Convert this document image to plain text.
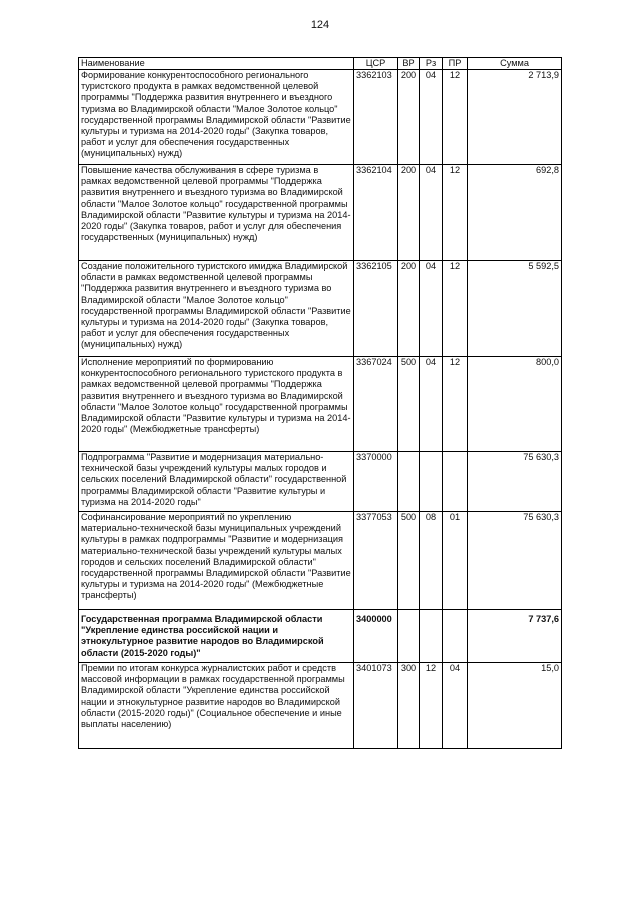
124
Наименование	ЦСР	ВР	Рз	ПР	Сумма
Формирование конкурентоспособного регионального туристского продукта в рамках ведомственной целевой программы "Поддержка развития внутреннего и въездного туризма во Владимирской области "Малое Золотое кольцо" государственной программы Владимирской области "Развитие культуры и туризма на 2014-2020 годы" (Закупка товаров, работ и услуг для обеспечения государственных (муниципальных) нужд)	3362103	200	04	12	2 713,9
Повышение качества обслуживания в сфере туризма в рамках ведомственной целевой программы "Поддержка развития внутреннего и въездного туризма во Владимирской области "Малое Золотое кольцо" государственной программы Владимирской области "Развитие культуры и туризма на 2014-2020 годы" (Закупка товаров, работ и услуг для обеспечения государственных (муниципальных) нужд)	3362104	200	04	12	692,8
Создание положительного туристского имиджа Владимирской области в рамках ведомственной целевой программы "Поддержка развития внутреннего и въездного туризма во Владимирской области "Малое Золотое кольцо" государственной программы Владимирской области "Развитие культуры и туризма на 2014-2020 годы" (Закупка товаров, работ и услуг для обеспечения государственных (муниципальных) нужд)	3362105	200	04	12	5 592,5
Исполнение мероприятий по формированию конкурентоспособного регионального туристского продукта в рамках ведомственной целевой программы "Поддержка развития внутреннего и въездного туризма во Владимирской области "Малое Золотое кольцо" государственной программы Владимирской области "Развитие культуры и туризма на 2014-2020 годы" (Межбюджетные трансферты)	3367024	500	04	12	800,0
Подпрограмма "Развитие и модернизация материально-технической базы учреждений культуры малых городов и сельских поселений Владимирской области" государственной программы Владимирской области "Развитие культуры и туризма на 2014-2020 годы"	3370000				75 630,3
Софинансирование мероприятий по укреплению материально-технической базы муниципальных учреждений культуры в рамках подпрограммы "Развитие и модернизация материально-технической базы учреждений культуры малых городов и сельских поселений Владимирской области" государственной программы Владимирской области "Развитие культуры и туризма на 2014-2020 годы" (Межбюджетные трансферты)	3377053	500	08	01	75 630,3
Государственная программа Владимирской области "Укрепление единства российской нации и этнокультурное развитие народов во Владимирской области (2015-2020 годы)"	3400000				7 737,6
Премии по итогам конкурса журналистских работ и средств массовой информации в рамках государственной программы Владимирской области "Укрепление единства российской нации и этнокультурное развитие народов во Владимирской области (2015-2020 годы)" (Социальное обеспечение и иные выплаты населению)	3401073	300	12	04	15,0
